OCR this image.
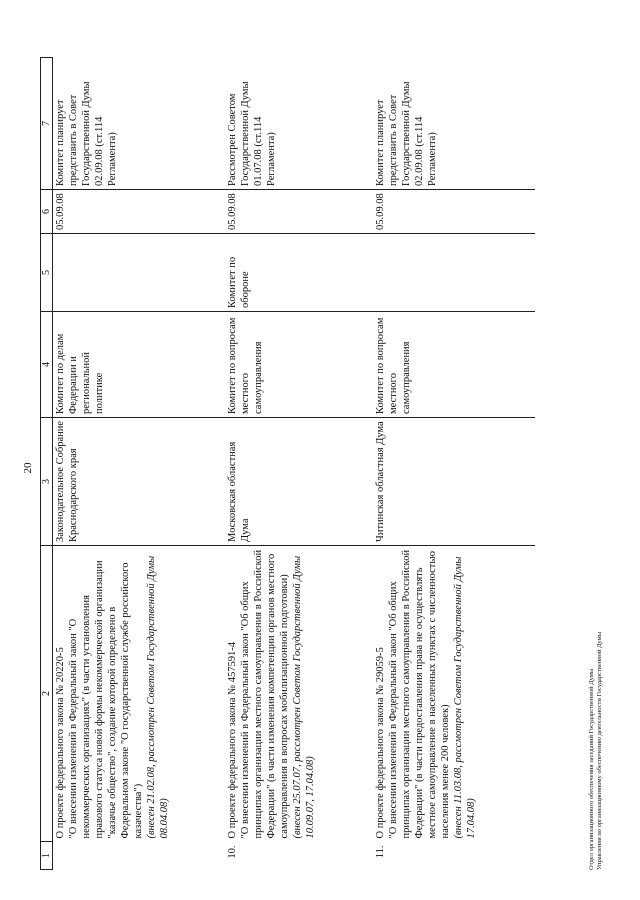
20
1	2	3	4	5	6	7

	О проекте федерального закона № 20220-5 "О внесении изменений в Федеральный закон "О некоммерческих организациях" (в части установления правового статуса новой формы некоммерческой организации "казачье общество", создание которой определено в Федеральном законе "О государственной службе российского казачества") (внесен 21.02.08, рассмотрен Советом Государственной Думы 08.04.08)	Законодательное Собрание Краснодарского края	Комитет по делам Федерации и региональной политике		05.09.08	Комитет планирует представить в Совет Государственной Думы 02.09.08 (ст.114 Регламента)
10.	О проекте федерального закона № 457591-4 "О внесении изменений в Федеральный закон "Об общих принципах организации местного самоуправления в Российской Федерации" (в части изменения компетенции органов местного самоуправления в вопросах мобилизационной подготовки) (внесен 25.07.07, рассмотрен Советом Государственной Думы 10.09.07, 17.04.08)	Московская областная Дума	Комитет по вопросам местного самоуправления	Комитет по обороне	05.09.08	Рассмотрен Советом Государственной Думы 01.07.08 (ст.114 Регламента)
11.	О проекте федерального закона № 29059-5 "О внесении изменений в Федеральный закон "Об общих принципах организации местного самоуправления в Российской Федерации" (в части предоставления права не осуществлять местное самоуправление в населенных пунктах с численностью населения менее 200 человек) (внесен 11.03.08, рассмотрен Советом Государственной Думы 17.04.08)	Читинская областная Дума	Комитет по вопросам местного самоуправления		05.09.08	Комитет планирует представить в Совет Государственной Думы 02.09.08 (ст.114 Регламента)
Отдел организационного обеспечения заседаний Государственной Думы Управления по организационному обеспечению деятельности Государственной Думы
